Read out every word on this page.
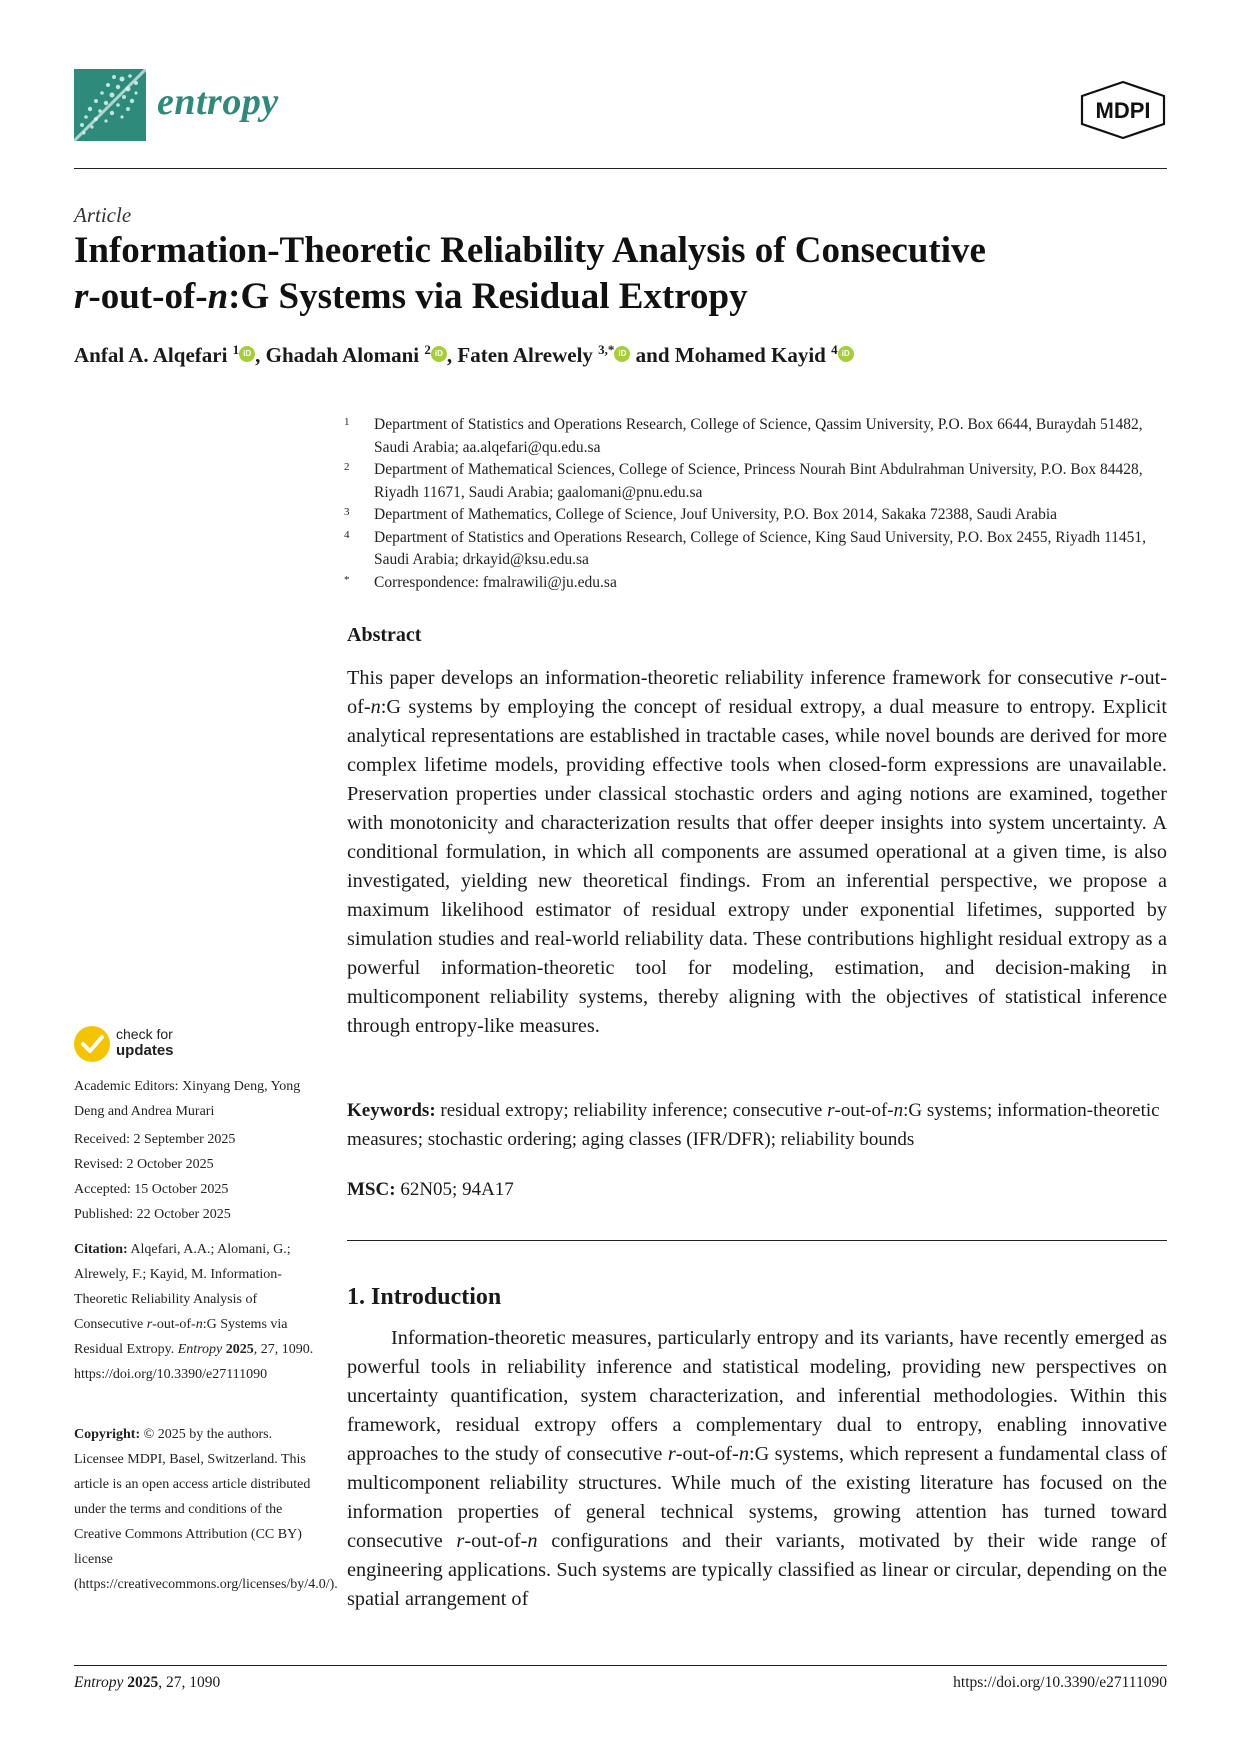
entropy	MDPI
Article
Information-Theoretic Reliability Analysis of Consecutive
r-out-of-n:G Systems via Residual Extropy
Anfal A. Alqefari $^1$ iD , Ghadah Alomani $^2$ iD , Faten Alrewely $^{3,*}$ iD and Mohamed Kayid $^4$ iD
1 Department of Statistics and Operations Research, College of Science, Qassim University, P.O. Box 6644, Buraydah 51482, Saudi Arabia; aa.alqefari@qu.edu.sa
2 Department of Mathematical Sciences, College of Science, Princess Nourah Bint Abdulrahman University, P.O. Box 84428, Riyadh 11671, Saudi Arabia; gaalomani@pnu.edu.sa
3 Department of Mathematics, College of Science, Jouf University, P.O. Box 2014, Sakaka 72388, Saudi Arabia
4 Department of Statistics and Operations Research, College of Science, King Saud University, P.O. Box 2455, Riyadh 11451, Saudi Arabia; drkayid@ksu.edu.sa
* Correspondence: fmalrawili@ju.edu.sa
Abstract
This paper develops an information-theoretic reliability inference framework for consecutive r-out-of-n:G systems by employing the concept of residual extropy, a dual measure to entropy. Explicit analytical representations are established in tractable cases, while novel bounds are derived for more complex lifetime models, providing effective tools when closed-form expressions are unavailable. Preservation properties under classical stochastic orders and aging notions are examined, together with monotonicity and characterization results that offer deeper insights into system uncertainty. A conditional formulation, in which all components are assumed operational at a given time, is also investigated, yielding new theoretical findings. From an inferential perspective, we propose a maximum likelihood estimator of residual extropy under exponential lifetimes, supported by simulation studies and real-world reliability data. These contributions highlight residual extropy as a powerful information-theoretic tool for modeling, estimation, and decision-making in multicomponent reliability systems, thereby aligning with the objectives of statistical inference through entropy-like measures.
Keywords: residual extropy; reliability inference; consecutive r-out-of-n:G systems; information-theoretic measures; stochastic ordering; aging classes (IFR/DFR); reliability bounds
MSC: 62N05; 94A17
1. Introduction
Information-theoretic measures, particularly entropy and its variants, have recently emerged as powerful tools in reliability inference and statistical modeling, providing new perspectives on uncertainty quantification, system characterization, and inferential methodologies. Within this framework, residual extropy offers a complementary dual to entropy, enabling innovative approaches to the study of consecutive r-out-of-n:G systems, which represent a fundamental class of multicomponent reliability structures. While much of the existing literature has focused on the information properties of general technical systems, growing attention has turned toward consecutive r-out-of-n configurations and their variants, motivated by their wide range of engineering applications. Such systems are typically classified as linear or circular, depending on the spatial arrangement of
check for
updates
Academic Editors: Xinyang Deng, Yong Deng and Andrea Murari
Received: 2 September 2025
Revised: 2 October 2025
Accepted: 15 October 2025
Published: 22 October 2025
Citation: Alqefari, A.A.; Alomani, G.; Alrewely, F.; Kayid, M. Information-Theoretic Reliability Analysis of Consecutive r-out-of-n:G Systems via Residual Extropy. Entropy 2025, 27, 1090. https://doi.org/10.3390/e27111090
Copyright: © 2025 by the authors. Licensee MDPI, Basel, Switzerland. This article is an open access article distributed under the terms and conditions of the Creative Commons Attribution (CC BY) license (https://creativecommons.org/licenses/by/4.0/).
Entropy 2025, 27, 1090	https://doi.org/10.3390/e27111090
